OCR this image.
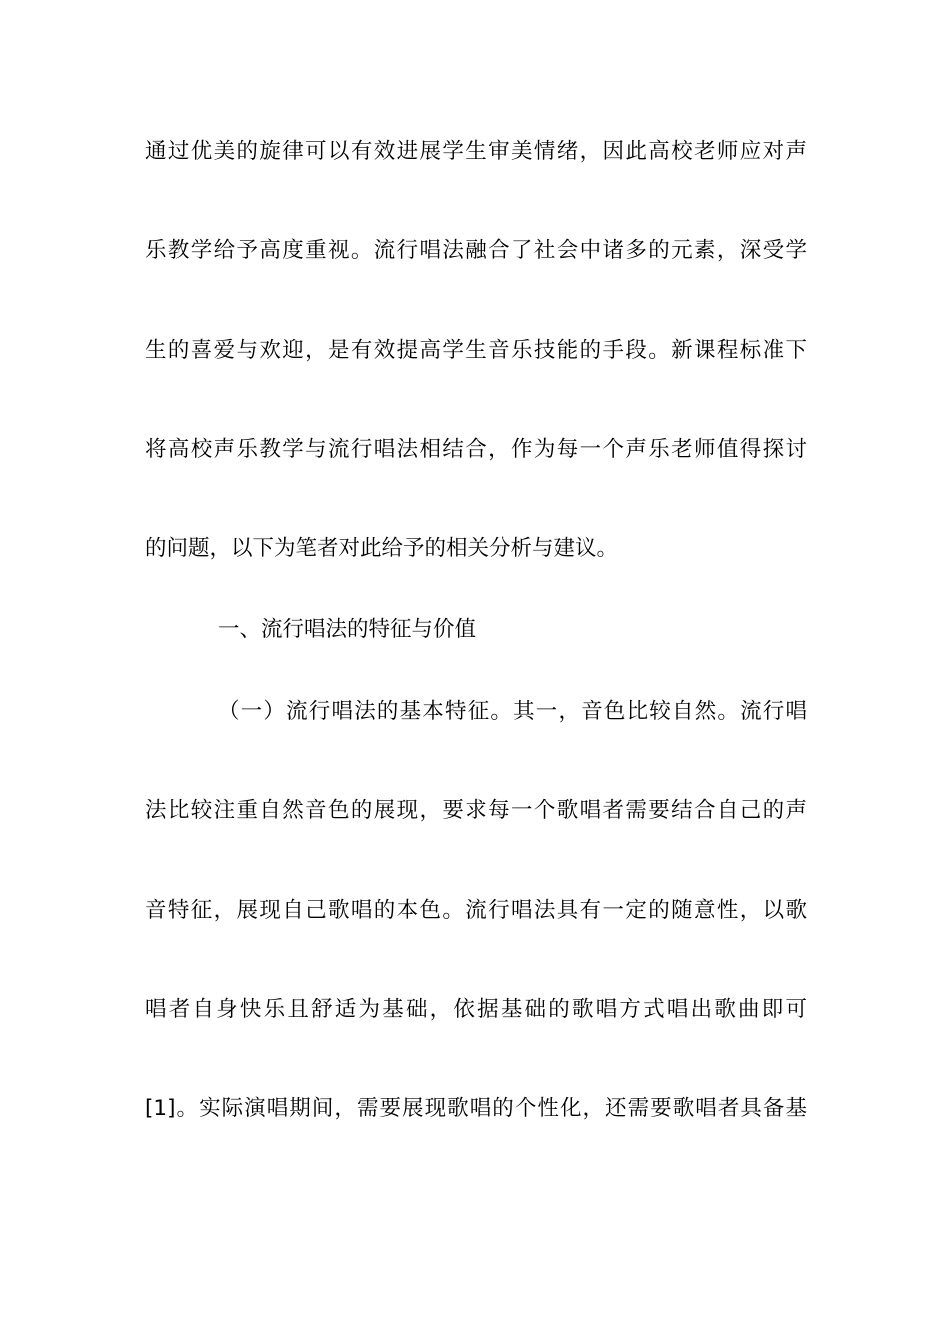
通过优美的旋律可以有效进展学生审美情绪，因此高校老师应对声
乐教学给予高度重视。流行唱法融合了社会中诸多的元素，深受学
生的喜爱与欢迎，是有效提高学生音乐技能的手段。新课程标准下
将高校声乐教学与流行唱法相结合，作为每一个声乐老师值得探讨
的问题，以下为笔者对此给予的相关分析与建议。
一、流行唱法的特征与价值
（一）流行唱法的基本特征。其一，音色比较自然。流行唱
法比较注重自然音色的展现，要求每一个歌唱者需要结合自己的声
音特征，展现自己歌唱的本色。流行唱法具有一定的随意性，以歌
唱者自身快乐且舒适为基础，依据基础的歌唱方式唱出歌曲即可
[1]。实际演唱期间，需要展现歌唱的个性化，还需要歌唱者具备基
